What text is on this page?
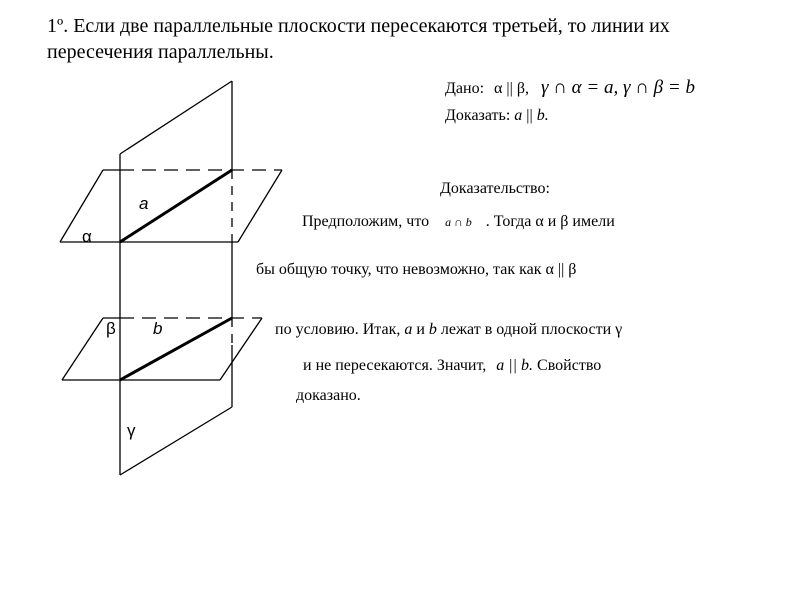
1º. Если две параллельные плоскости пересекаются третьей, то линии их
пересечения параллельны.
Дано: α || β, γ ∩ α = a, γ ∩ β = b
Доказать: a || b.
Доказательство:
Предположим, что a ∩ b . Тогда α и β имели
бы общую точку, что невозможно, так как α || β
по условию. Итак, a и b лежат в одной плоскости γ
и не пересекаются. Значит, a || b. Свойство
доказано.
α
a
β b
γ
